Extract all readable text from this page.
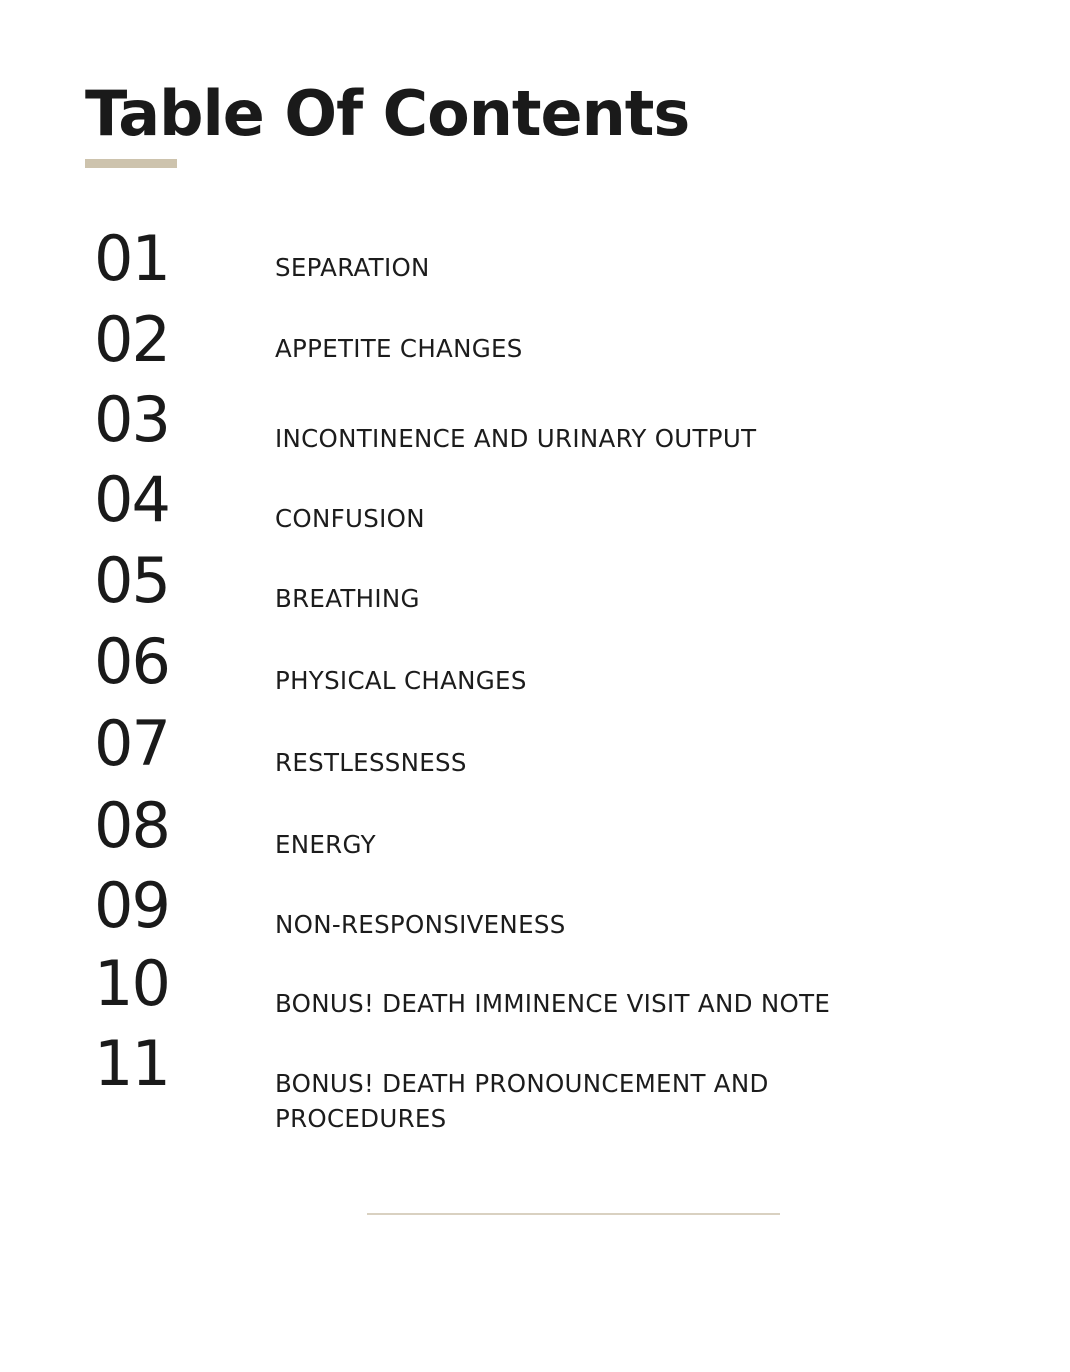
Table Of Contents
01	SEPARATION
02	APPETITE CHANGES
03	INCONTINENCE AND URINARY OUTPUT
04	CONFUSION
05	BREATHING
06	PHYSICAL CHANGES
07	RESTLESSNESS
08	ENERGY
09	NON-RESPONSIVENESS
10	BONUS! DEATH IMMINENCE VISIT AND NOTE
11	BONUS! DEATH PRONOUNCEMENT AND PROCEDURES
